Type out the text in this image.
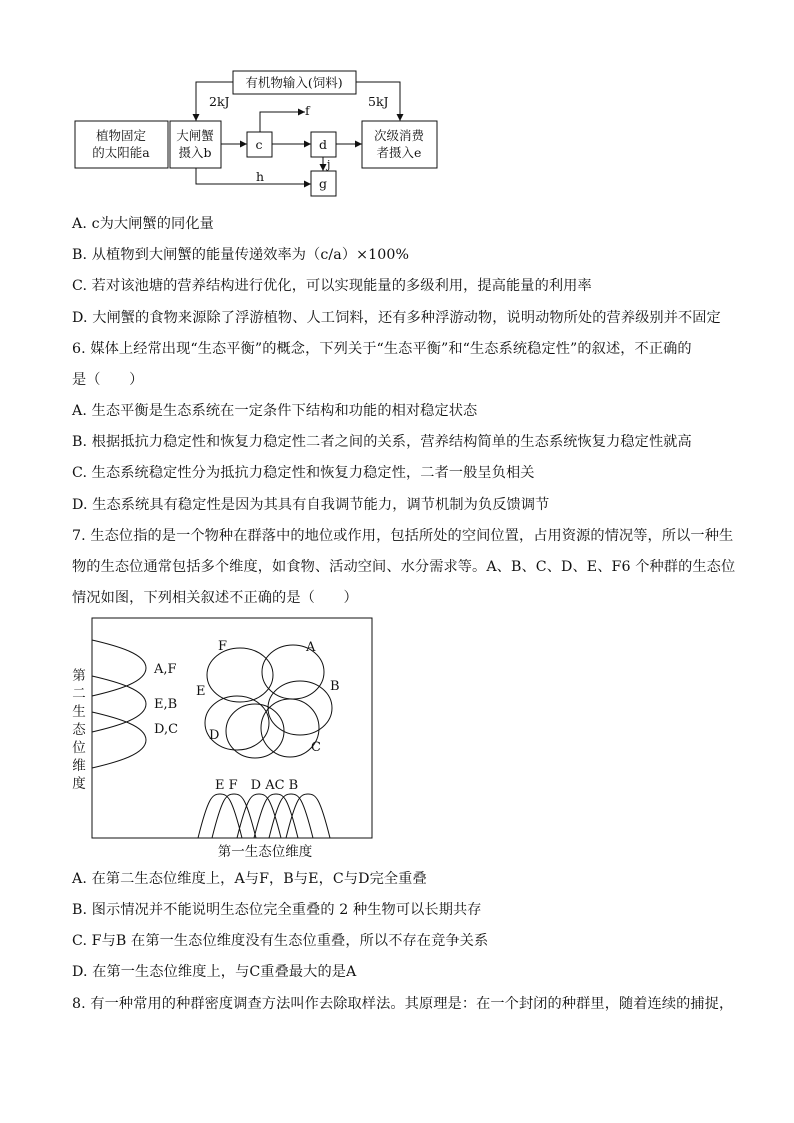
有机物输入(饲料)
2kJ	5kJ
植物固定
的太阳能a
大闸蟹
摄入b
c	d
g
次级消费
者摄入e
f
h
j
A. c为大闸蟹的同化量
B. 从植物到大闸蟹的能量传递效率为（c/a）×100%
C. 若对该池塘的营养结构进行优化，可以实现能量的多级利用，提高能量的利用率
D. 大闸蟹的食物来源除了浮游植物、人工饲料，还有多种浮游动物，说明动物所处的营养级别并不固定
6. 媒体上经常出现“生态平衡”的概念，下列关于“生态平衡”和“生态系统稳定性”的叙述，不正确的
是（　　）
A. 生态平衡是生态系统在一定条件下结构和功能的相对稳定状态
B. 根据抵抗力稳定性和恢复力稳定性二者之间的关系，营养结构简单的生态系统恢复力稳定性就高
C. 生态系统稳定性分为抵抗力稳定性和恢复力稳定性，二者一般呈负相关
D. 生态系统具有稳定性是因为其具有自我调节能力，调节机制为负反馈调节
7. 生态位指的是一个物种在群落中的地位或作用，包括所处的空间位置，占用资源的情况等，所以一种生
物的生态位通常包括多个维度，如食物、活动空间、水分需求等。A、B、C、D、E、F6 个种群的生态位
情况如图，下列相关叙述不正确的是（　　）
第
二
生
态
位
维
度
A,F
E,B
D,C
F	A
E	B
D
C
E F　D AC B
第一生态位维度
A. 在第二生态位维度上，A与F，B与E，C与D完全重叠
B. 图示情况并不能说明生态位完全重叠的 2 种生物可以长期共存
C. F与B 在第一生态位维度没有生态位重叠，所以不存在竞争关系
D. 在第一生态位维度上，与C重叠最大的是A
8. 有一种常用的种群密度调查方法叫作去除取样法。其原理是：在一个封闭的种群里，随着连续的捕捉，
